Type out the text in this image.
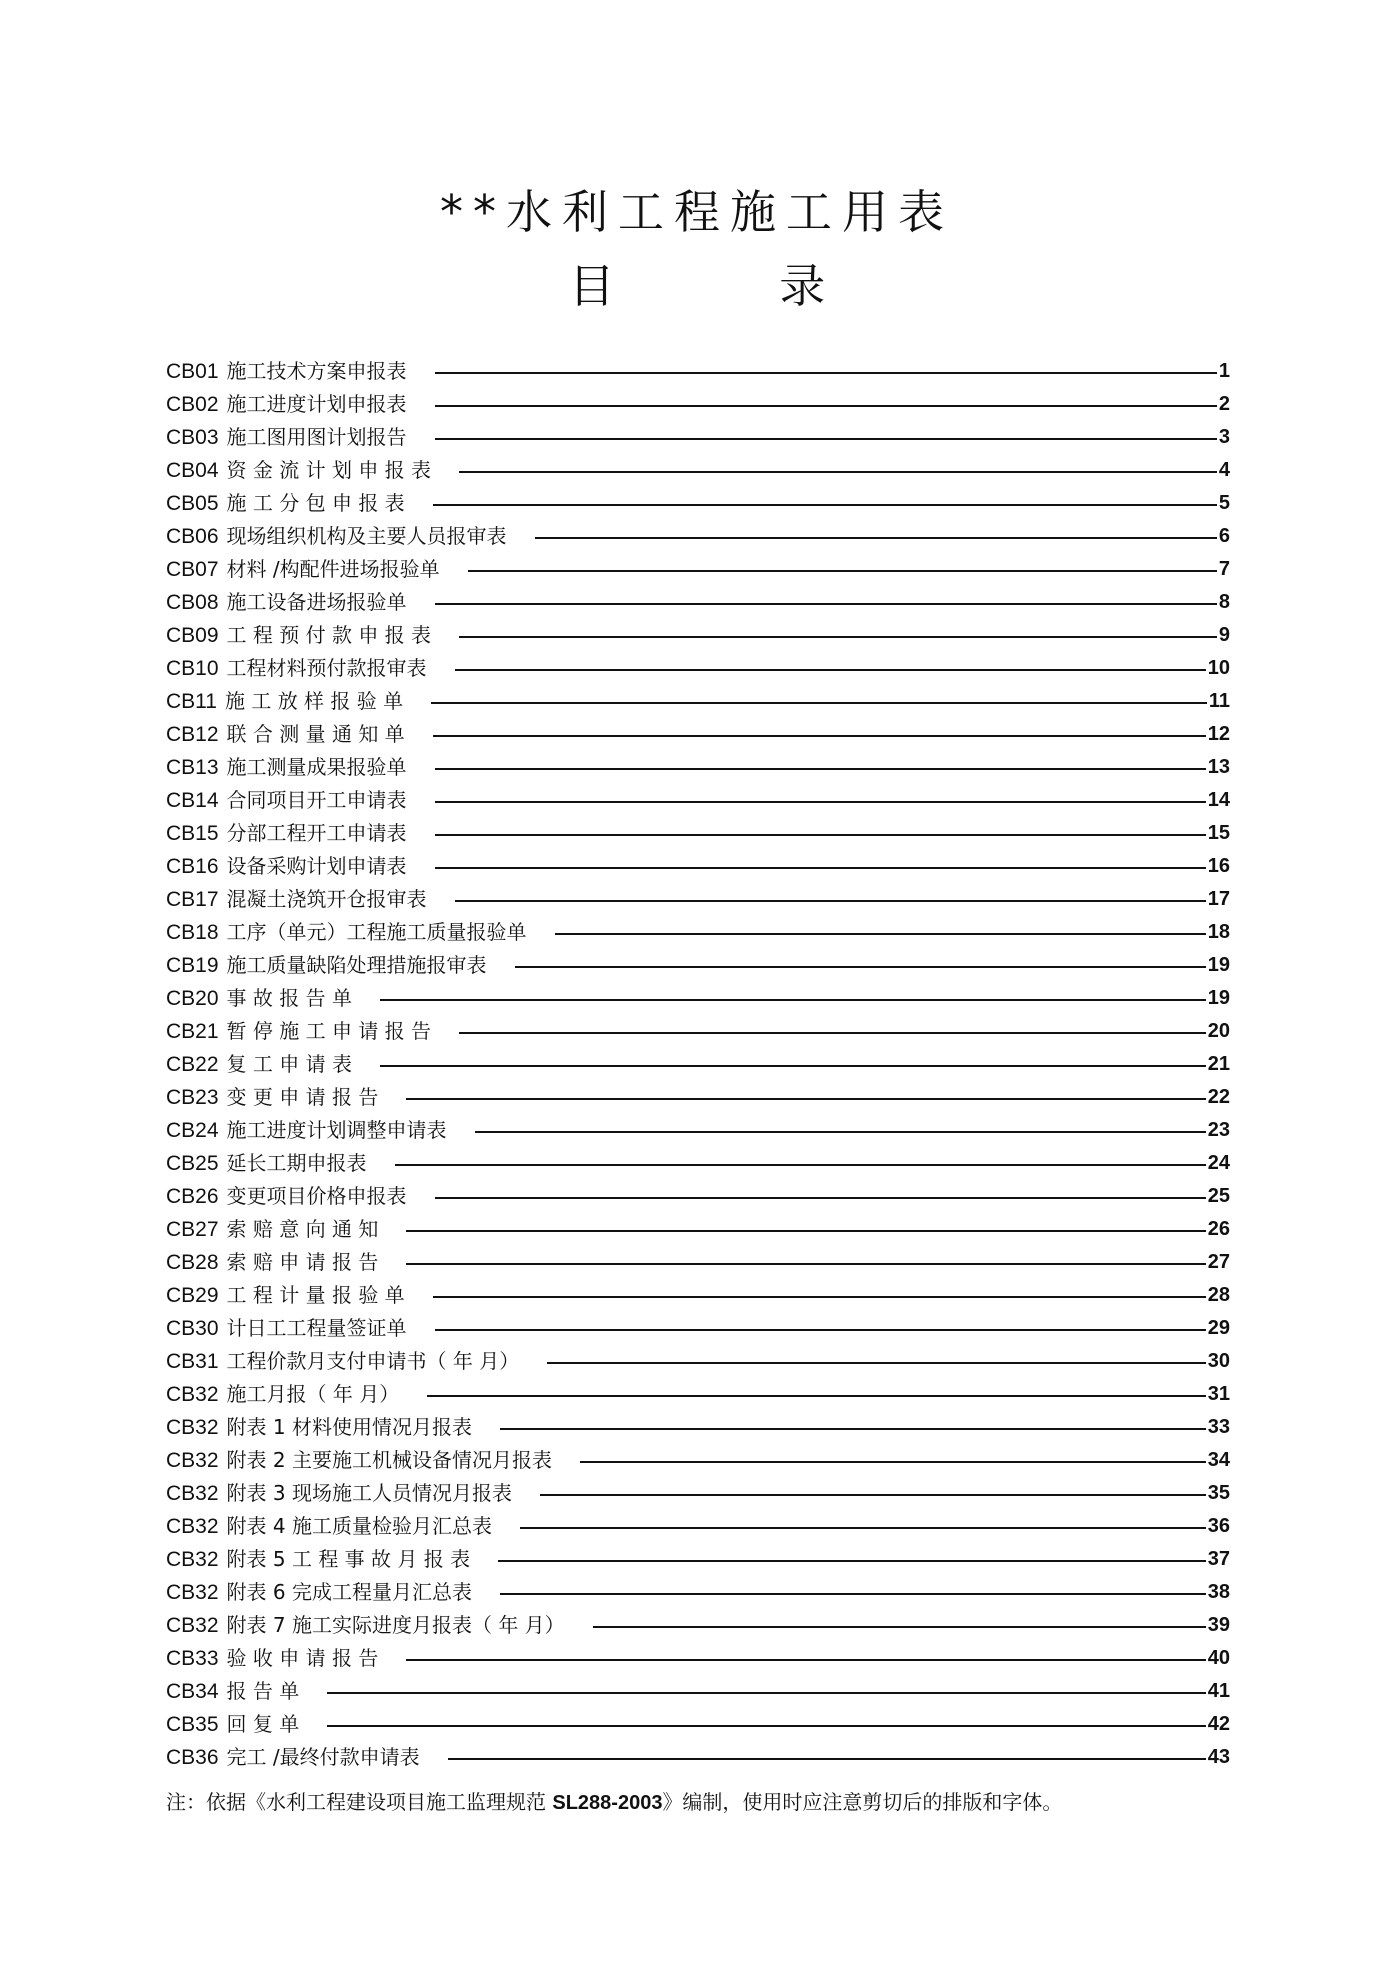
**水利工程施工用表
目 录
CB01 施工技术方案申报表	1
CB02 施工进度计划申报表	2
CB03 施工图用图计划报告	3
CB04 资 金 流 计 划 申 报 表	4
CB05 施 工 分 包 申 报 表	5
CB06 现场组织机构及主要人员报审表	6
CB07 材料 /构配件进场报验单	7
CB08 施工设备进场报验单	8
CB09 工 程 预 付 款 申 报 表	9
CB10 工程材料预付款报审表	10
CB11 施 工 放 样 报 验 单	11
CB12 联 合 测 量 通 知 单	12
CB13 施工测量成果报验单	13
CB14 合同项目开工申请表	14
CB15 分部工程开工申请表	15
CB16 设备采购计划申请表	16
CB17 混凝土浇筑开仓报审表	17
CB18 工序（单元）工程施工质量报验单	18
CB19 施工质量缺陷处理措施报审表	19
CB20 事 故 报 告 单	19
CB21 暂 停 施 工 申 请 报 告	20
CB22 复 工 申 请 表	21
CB23 变 更 申 请 报 告	22
CB24 施工进度计划调整申请表	23
CB25 延长工期申报表	24
CB26 变更项目价格申报表	25
CB27 索 赔 意 向 通 知	26
CB28 索 赔 申 请 报 告	27
CB29 工 程 计 量 报 验 单	28
CB30 计日工工程量签证单	29
CB31 工程价款月支付申请书（ 年 月）	30
CB32 施工月报（ 年 月）	31
CB32 附表 1 材料使用情况月报表	33
CB32 附表 2 主要施工机械设备情况月报表	34
CB32 附表 3 现场施工人员情况月报表	35
CB32 附表 4 施工质量检验月汇总表	36
CB32 附表 5 工 程 事 故 月 报 表	37
CB32 附表 6 完成工程量月汇总表	38
CB32 附表 7 施工实际进度月报表（ 年 月）	39
CB33 验 收 申 请 报 告	40
CB34 报 告 单	41
CB35 回 复 单	42
CB36 完工 /最终付款申请表	43
注：依据《水利工程建设项目施工监理规范 SL288-2003》编制，使用时应注意剪切后的排版和字体。
